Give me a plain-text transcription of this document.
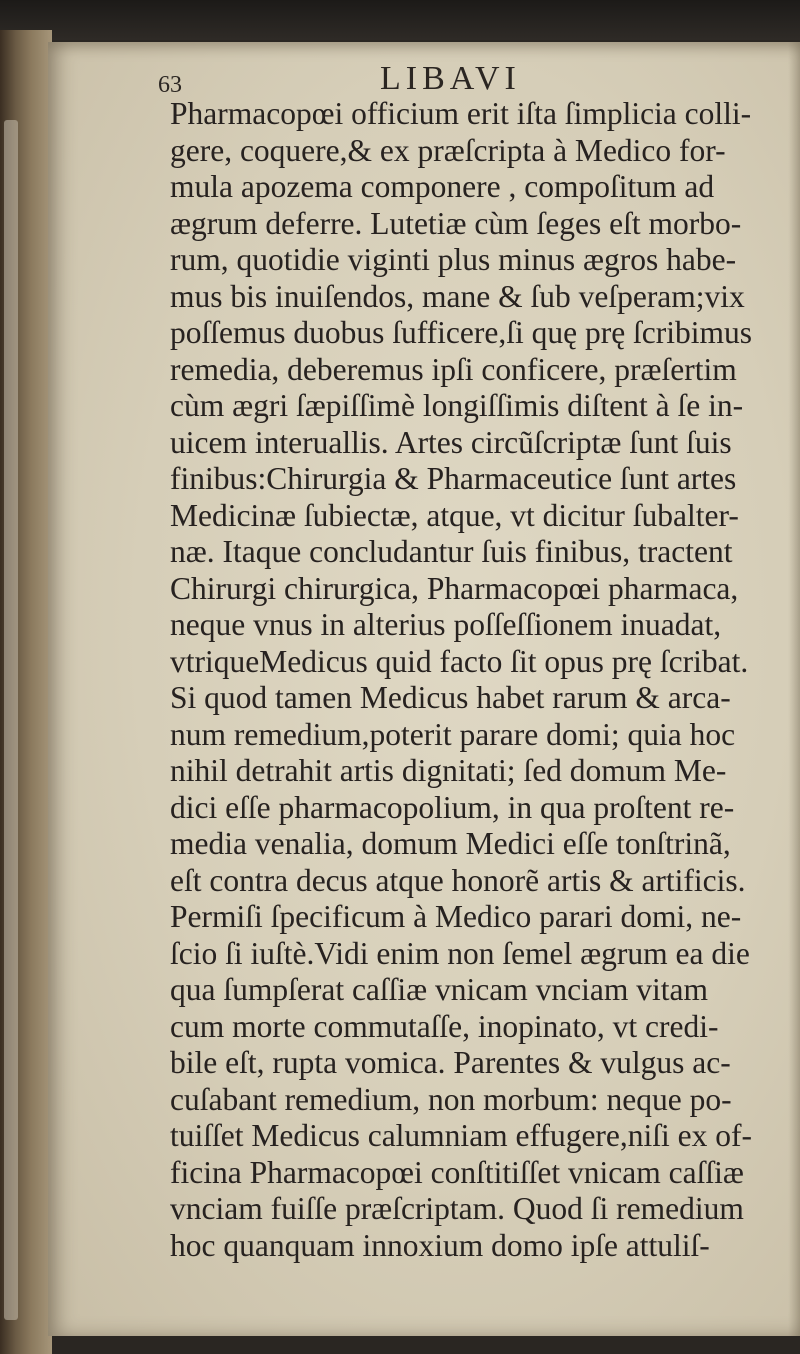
63	LIBAVI
Pharmacopœi officium erit iſta ſimplicia colli-
gere, coquere,& ex præſcripta à Medico for-
mula apozema componere , compoſitum ad
ægrum deferre. Lutetiæ cùm ſeges eſt morbo-
rum, quotidie viginti plus minus ægros habe-
mus bis inuiſendos, mane & ſub veſperam;vix
poſſemus duobus ſufficere,ſi quę prę ſcribimus
remedia, deberemus ipſi conficere, præſertim
cùm ægri ſæpiſſimè longiſſimis diſtent à ſe in-
uicem interuallis. Artes circũſcriptæ ſunt ſuis
finibus:Chirurgia & Pharmaceutice ſunt artes
Medicinæ ſubiectæ, atque, vt dicitur ſubalter-
næ. Itaque concludantur ſuis finibus, tractent
Chirurgi chirurgica, Pharmacopœi pharmaca,
neque vnus in alterius poſſeſſionem inuadat,
vtriqueMedicus quid facto ſit opus prę ſcribat.
Si quod tamen Medicus habet rarum & arca-
num remedium,poterit parare domi; quia hoc
nihil detrahit artis dignitati; ſed domum Me-
dici eſſe pharmacopolium, in qua proſtent re-
media venalia, domum Medici eſſe tonſtrinã,
eſt contra decus atque honorẽ artis & artificis.
Permiſi ſpecificum à Medico parari domi, ne-
ſcio ſi iuſtè.Vidi enim non ſemel ægrum ea die
qua ſumpſerat caſſiæ vnicam vnciam vitam
cum morte commutaſſe, inopinato, vt credi-
bile eſt, rupta vomica. Parentes & vulgus ac-
cuſabant remedium, non morbum: neque po-
tuiſſet Medicus calumniam effugere,niſi ex of-
ficina Pharmacopœi conſtitiſſet vnicam caſſiæ
vnciam fuiſſe præſcriptam. Quod ſi remedium
hoc quanquam innoxium domo ipſe attuliſ-
